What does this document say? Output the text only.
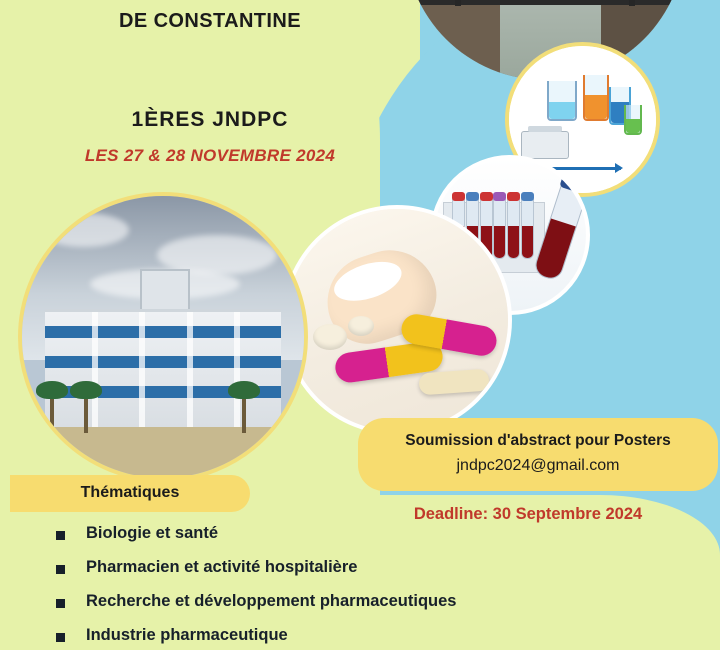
DE CONSTANTINE
1ÈRES JNDPC
LES 27 & 28 NOVEMBRE 2024
Soumission d'abstract pour Posters
jndpc2024@gmail.com
Deadline: 30 Septembre 2024
Thématiques
Biologie et santé
Pharmacien et activité hospitalière
Recherche et développement pharmaceutiques
Industrie pharmaceutique
